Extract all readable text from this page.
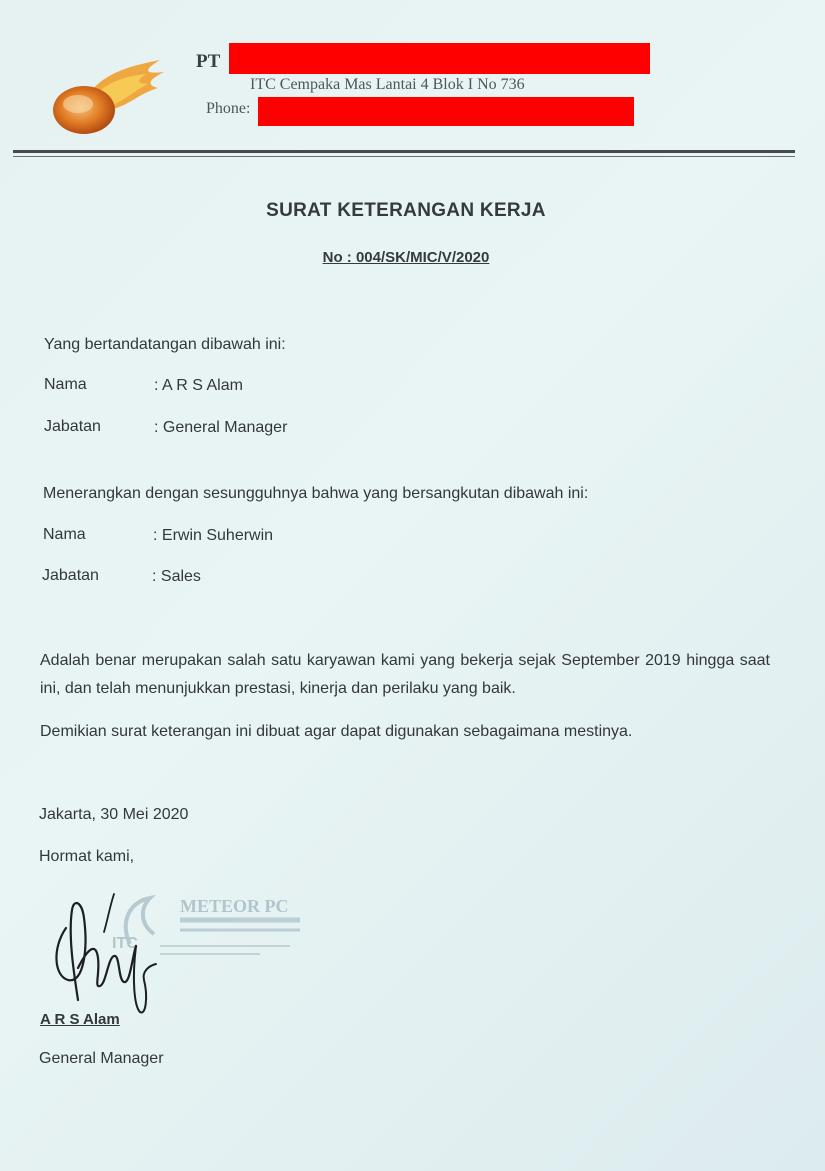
PT
ITC Cempaka Mas Lantai 4 Blok I No 736
Phone:
SURAT KETERANGAN KERJA
No : 004/SK/MIC/V/2020
Yang bertandatangan dibawah ini:
Nama	: A R S Alam
Jabatan	: General Manager
Menerangkan dengan sesungguhnya bahwa yang bersangkutan dibawah ini:
Nama	: Erwin Suherwin
Jabatan	: Sales
Adalah benar merupakan salah satu karyawan kami yang bekerja sejak September 2019 hingga saat ini, dan telah menunjukkan prestasi, kinerja dan perilaku yang baik.
Demikian surat keterangan ini dibuat agar dapat digunakan sebagaimana mestinya.
Jakarta, 30 Mei 2020
Hormat kami,
METEOR PC
ITC
A R S Alam
General Manager
